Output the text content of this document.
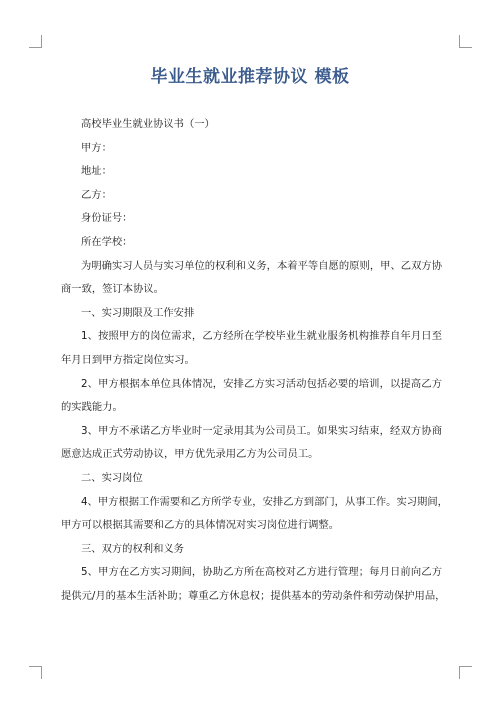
毕业生就业推荐协议 模板

高校毕业生就业协议书（一）

甲方：

地址：

乙方：

身份证号：

所在学校：

为明确实习人员与实习单位的权利和义务，本着平等自愿的原则，甲、乙双方协

商一致，签订本协议。

一、实习期限及工作安排

1、按照甲方的岗位需求，乙方经所在学校毕业生就业服务机构推荐自年月日至

年月日到甲方指定岗位实习。

2、甲方根据本单位具体情况，安排乙方实习活动包括必要的培训，以提高乙方

的实践能力。

3、甲方不承诺乙方毕业时一定录用其为公司员工。如果实习结束，经双方协商

愿意达成正式劳动协议，甲方优先录用乙方为公司员工。

二、实习岗位

4、甲方根据工作需要和乙方所学专业，安排乙方到部门，从事工作。实习期间，

甲方可以根据其需要和乙方的具体情况对实习岗位进行调整。

三、双方的权利和义务

5、甲方在乙方实习期间，协助乙方所在高校对乙方进行管理；每月日前向乙方

提供元/月的基本生活补助；尊重乙方休息权；提供基本的劳动条件和劳动保护用品，
